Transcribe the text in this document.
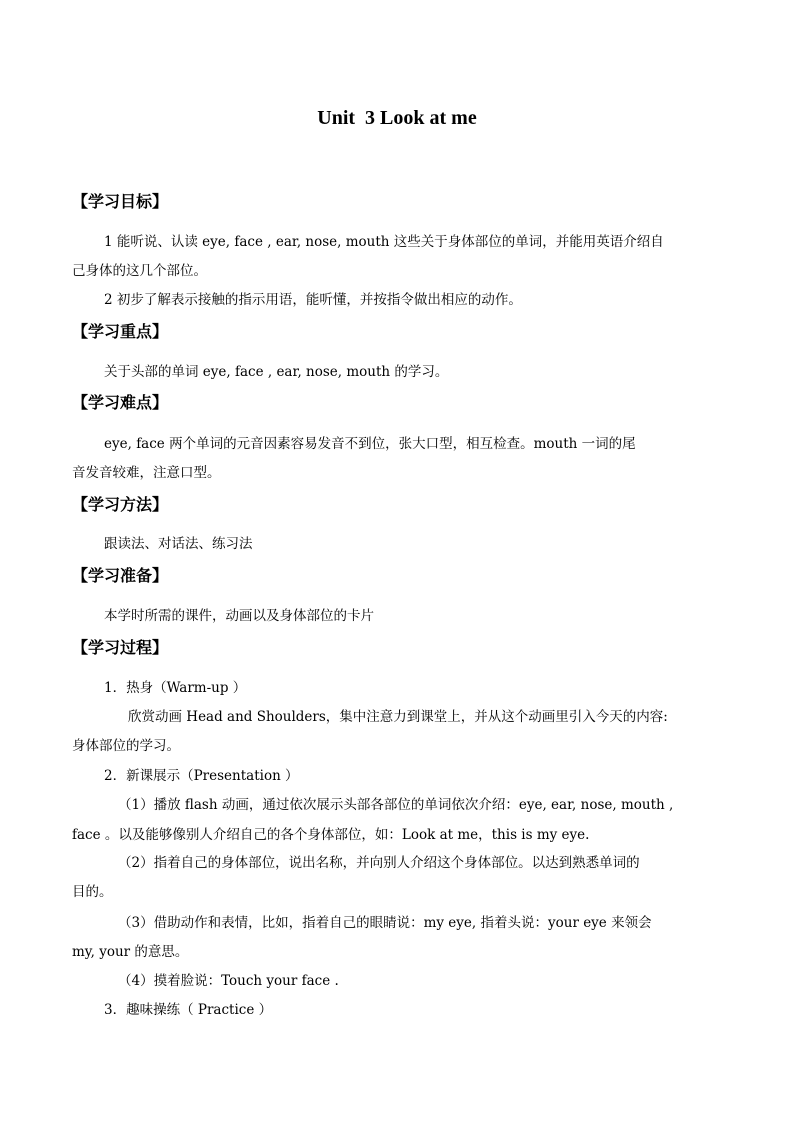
Unit  3 Look at me
【学习目标】
1 能听说、认读 eye, face , ear, nose, mouth 这些关于身体部位的单词，并能用英语介绍自
己身体的这几个部位。
2 初步了解表示接触的指示用语，能听懂，并按指令做出相应的动作。
【学习重点】
关于头部的单词 eye, face , ear, nose, mouth 的学习。
【学习难点】
eye, face 两个单词的元音因素容易发音不到位，张大口型，相互检查。mouth 一词的尾
音发音较难，注意口型。
【学习方法】
跟读法、对话法、练习法
【学习准备】
本学时所需的课件，动画以及身体部位的卡片
【学习过程】
1．热身（Warm-up ）
欣赏动画 Head and Shoulders，集中注意力到课堂上，并从这个动画里引入今天的内容:
身体部位的学习。
2．新课展示（Presentation ）
（1）播放 flash 动画，通过依次展示头部各部位的单词依次介绍：eye, ear, nose, mouth ,
face 。以及能够像别人介绍自己的各个身体部位，如：Look at me，this is my eye.
（2）指着自己的身体部位，说出名称，并向别人介绍这个身体部位。以达到熟悉单词的
目的。
（3）借助动作和表情，比如，指着自己的眼睛说：my eye, 指着头说：your eye 来领会
my, your 的意思。
（4）摸着脸说：Touch your face .
3．趣味操练（ Practice ）
